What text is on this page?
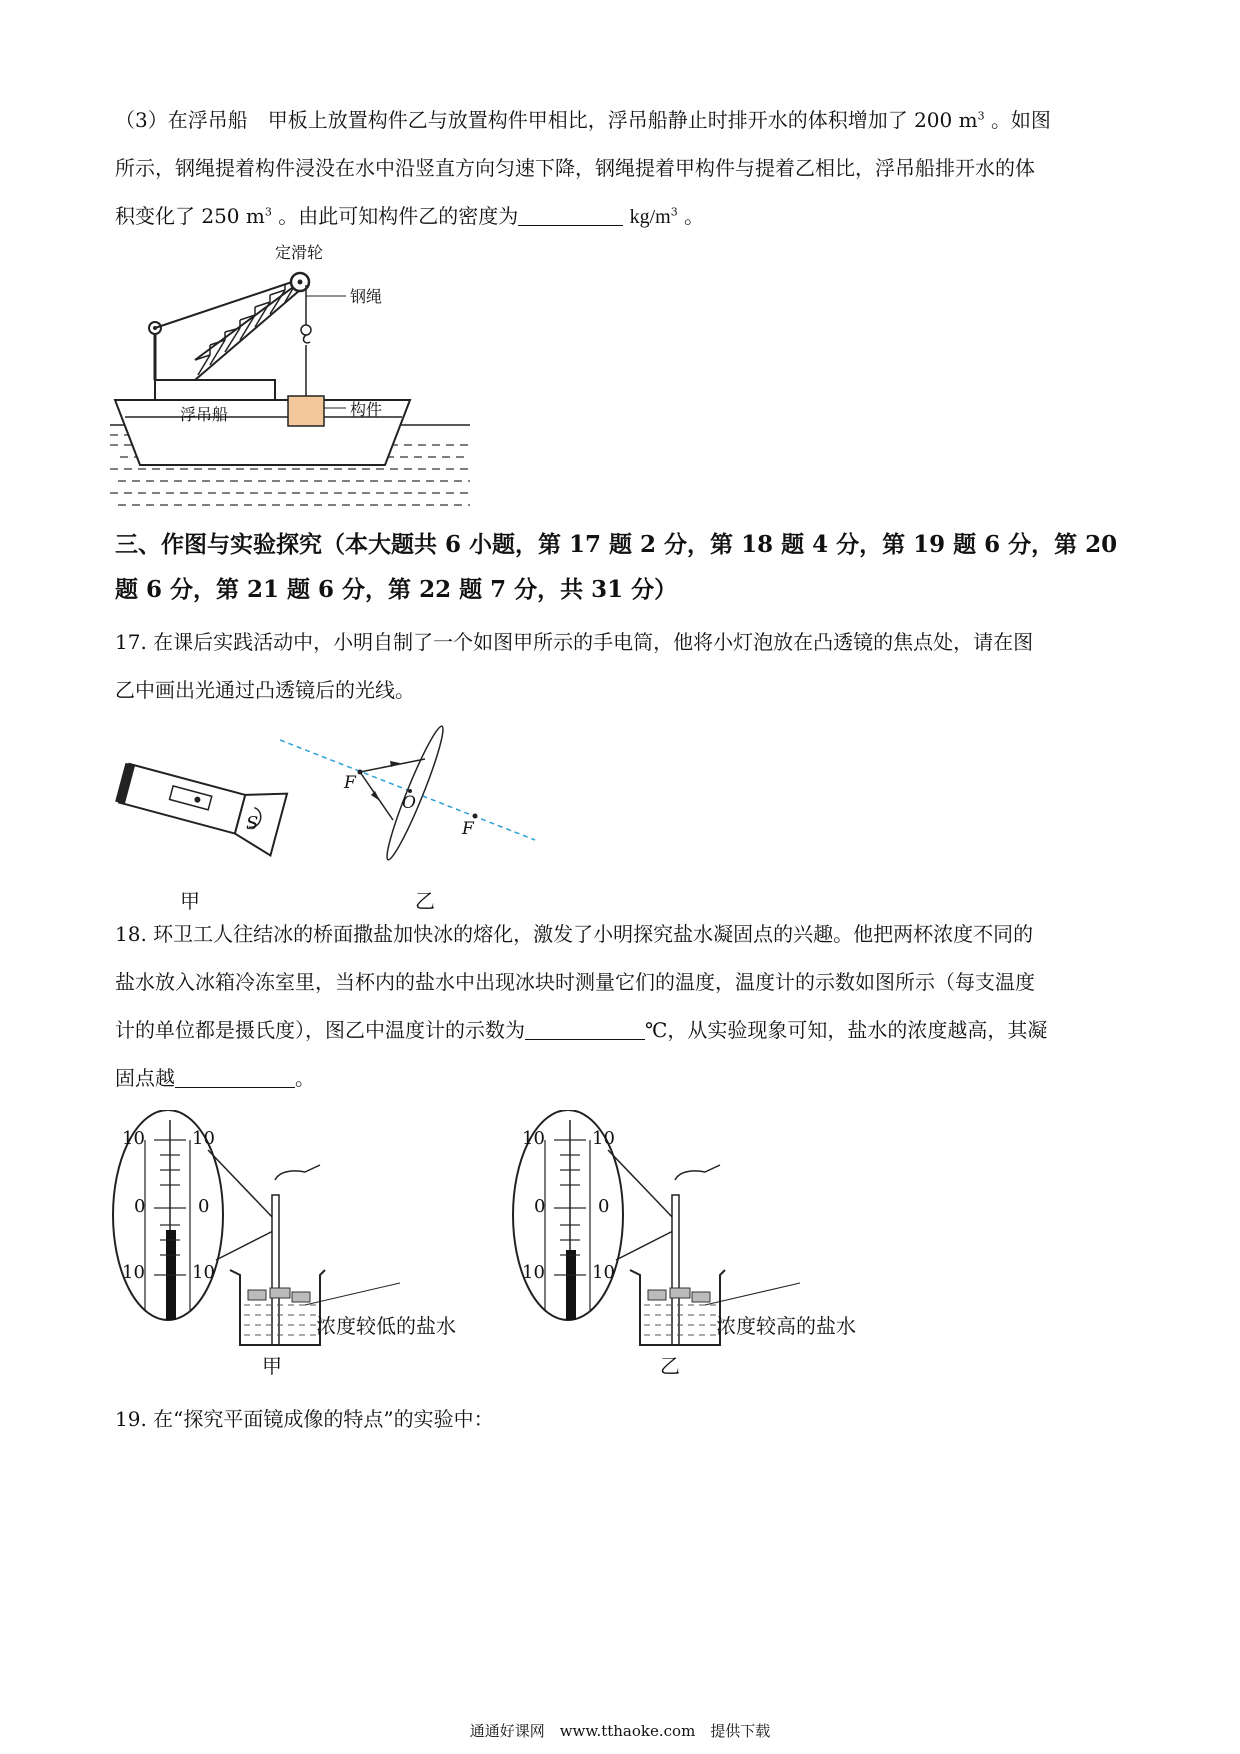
（3）在浮吊船　甲板上放置构件乙与放置构件甲相比，浮吊船静止时排开水的体积增加了 200 $m^3$ 。如图
所示，钢绳提着构件浸没在水中沿竖直方向匀速下降，钢绳提着甲构件与提着乙相比，浮吊船排开水的体
积变化了 250 $m^3$ 。由此可知构件乙的密度为	$kg/m^3$ 。
定滑轮
钢绳
浮吊船	构件
三、作图与实验探究（本大题共 6 小题，第 17 题 2 分，第 18 题 4 分，第 19 题 6 分，第 20
题 6 分，第 21 题 6 分，第 22 题 7 分，共 31 分）
17. 在课后实践活动中，小明自制了一个如图甲所示的手电筒，他将小灯泡放在凸透镜的焦点处，请在图
乙中画出光通过凸透镜后的光线。
S
甲
F
O
F
乙
18. 环卫工人往结冰的桥面撒盐加快冰的熔化，激发了小明探究盐水凝固点的兴趣。他把两杯浓度不同的
盐水放入冰箱冷冻室里，当杯内的盐水中出现冰块时测量它们的温度，温度计的示数如图所示（每支温度
计的单位都是摄氏度），图乙中温度计的示数为	℃，从实验现象可知，盐水的浓度越高，其凝
固点越	。
10	10
0	0
10	10
浓度较低的盐水
甲
10	10
0	0
10	10
浓度较高的盐水
乙
19. 在“探究平面镜成像的特点”的实验中：
通通好课网　www.tthaoke.com　提供下载
